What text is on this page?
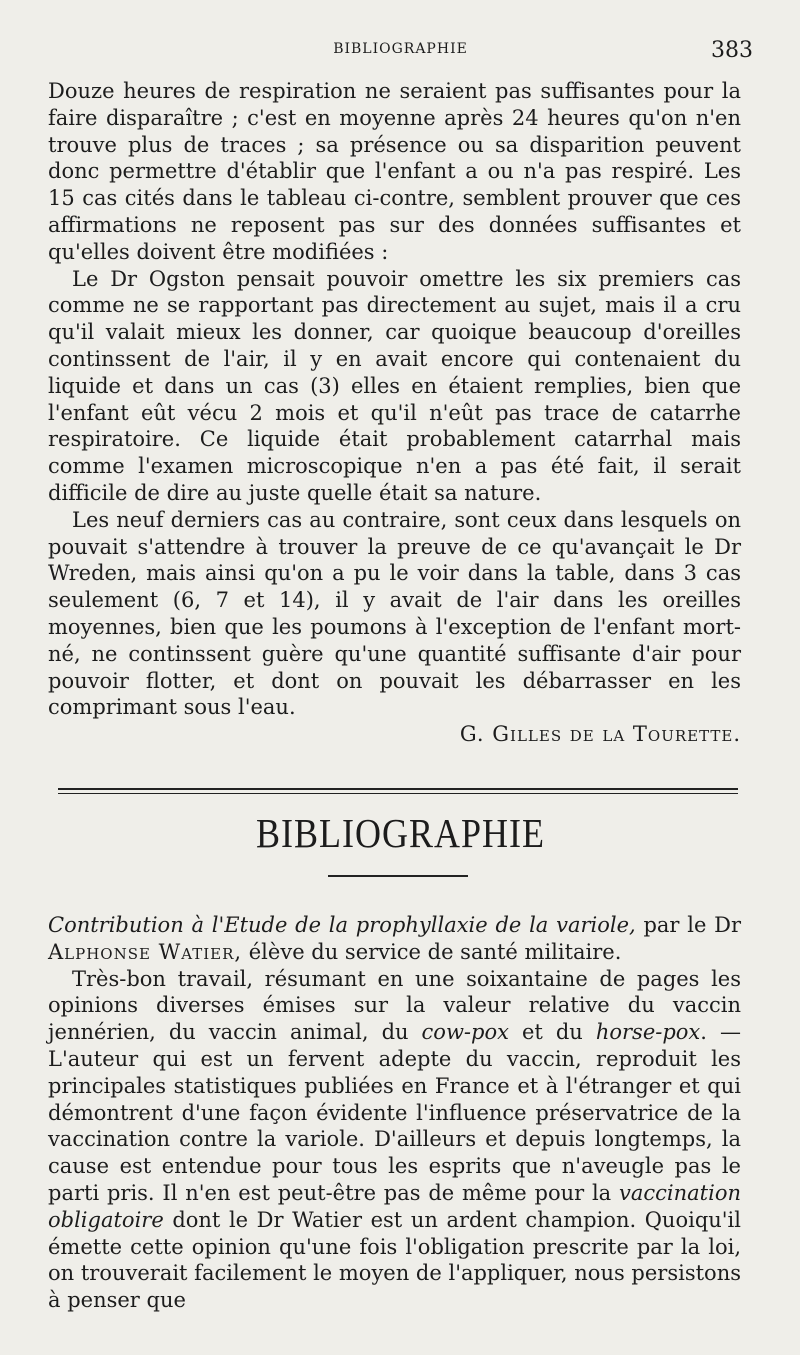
BIBLIOGRAPHIE	383

Douze heures de respiration ne seraient pas suffisantes pour la faire disparaître ; c'est en moyenne après 24 heures qu'on n'en trouve plus de traces ; sa présence ou sa disparition peuvent donc permettre d'établir que l'enfant a ou n'a pas respiré. Les 15 cas cités dans le tableau ci-contre, semblent prouver que ces affirmations ne reposent pas sur des données suffisantes et qu'elles doivent être modifiées :

Le Dr Ogston pensait pouvoir omettre les six premiers cas comme ne se rapportant pas directement au sujet, mais il a cru qu'il valait mieux les donner, car quoique beaucoup d'oreilles continssent de l'air, il y en avait encore qui contenaient du liquide et dans un cas (3) elles en étaient remplies, bien que l'enfant eût vécu 2 mois et qu'il n'eût pas trace de catarrhe respiratoire. Ce liquide était probablement catarrhal mais comme l'examen microscopique n'en a pas été fait, il serait difficile de dire au juste quelle était sa nature.

Les neuf derniers cas au contraire, sont ceux dans lesquels on pouvait s'attendre à trouver la preuve de ce qu'avançait le Dr Wreden, mais ainsi qu'on a pu le voir dans la table, dans 3 cas seulement (6, 7 et 14), il y avait de l'air dans les oreilles moyennes, bien que les poumons à l'exception de l'enfant mort-né, ne continssent guère qu'une quantité suffisante d'air pour pouvoir flotter, et dont on pouvait les débarrasser en les comprimant sous l'eau.

G. Gilles de la Tourette.
BIBLIOGRAPHIE

Contribution à l'Etude de la prophyllaxie de la variole, par le Dr Alphonse Watier, élève du service de santé militaire.

Très-bon travail, résumant en une soixantaine de pages les opinions diverses émises sur la valeur relative du vaccin jennérien, du vaccin animal, du cow-pox et du horse-pox. — L'auteur qui est un fervent adepte du vaccin, reproduit les principales statistiques publiées en France et à l'étranger et qui démontrent d'une façon évidente l'influence préservatrice de la vaccination contre la variole. D'ailleurs et depuis longtemps, la cause est entendue pour tous les esprits que n'aveugle pas le parti pris. Il n'en est peut-être pas de même pour la vaccination obligatoire dont le Dr Watier est un ardent champion. Quoiqu'il émette cette opinion qu'une fois l'obligation prescrite par la loi, on trouverait facilement le moyen de l'appliquer, nous persistons à penser que
